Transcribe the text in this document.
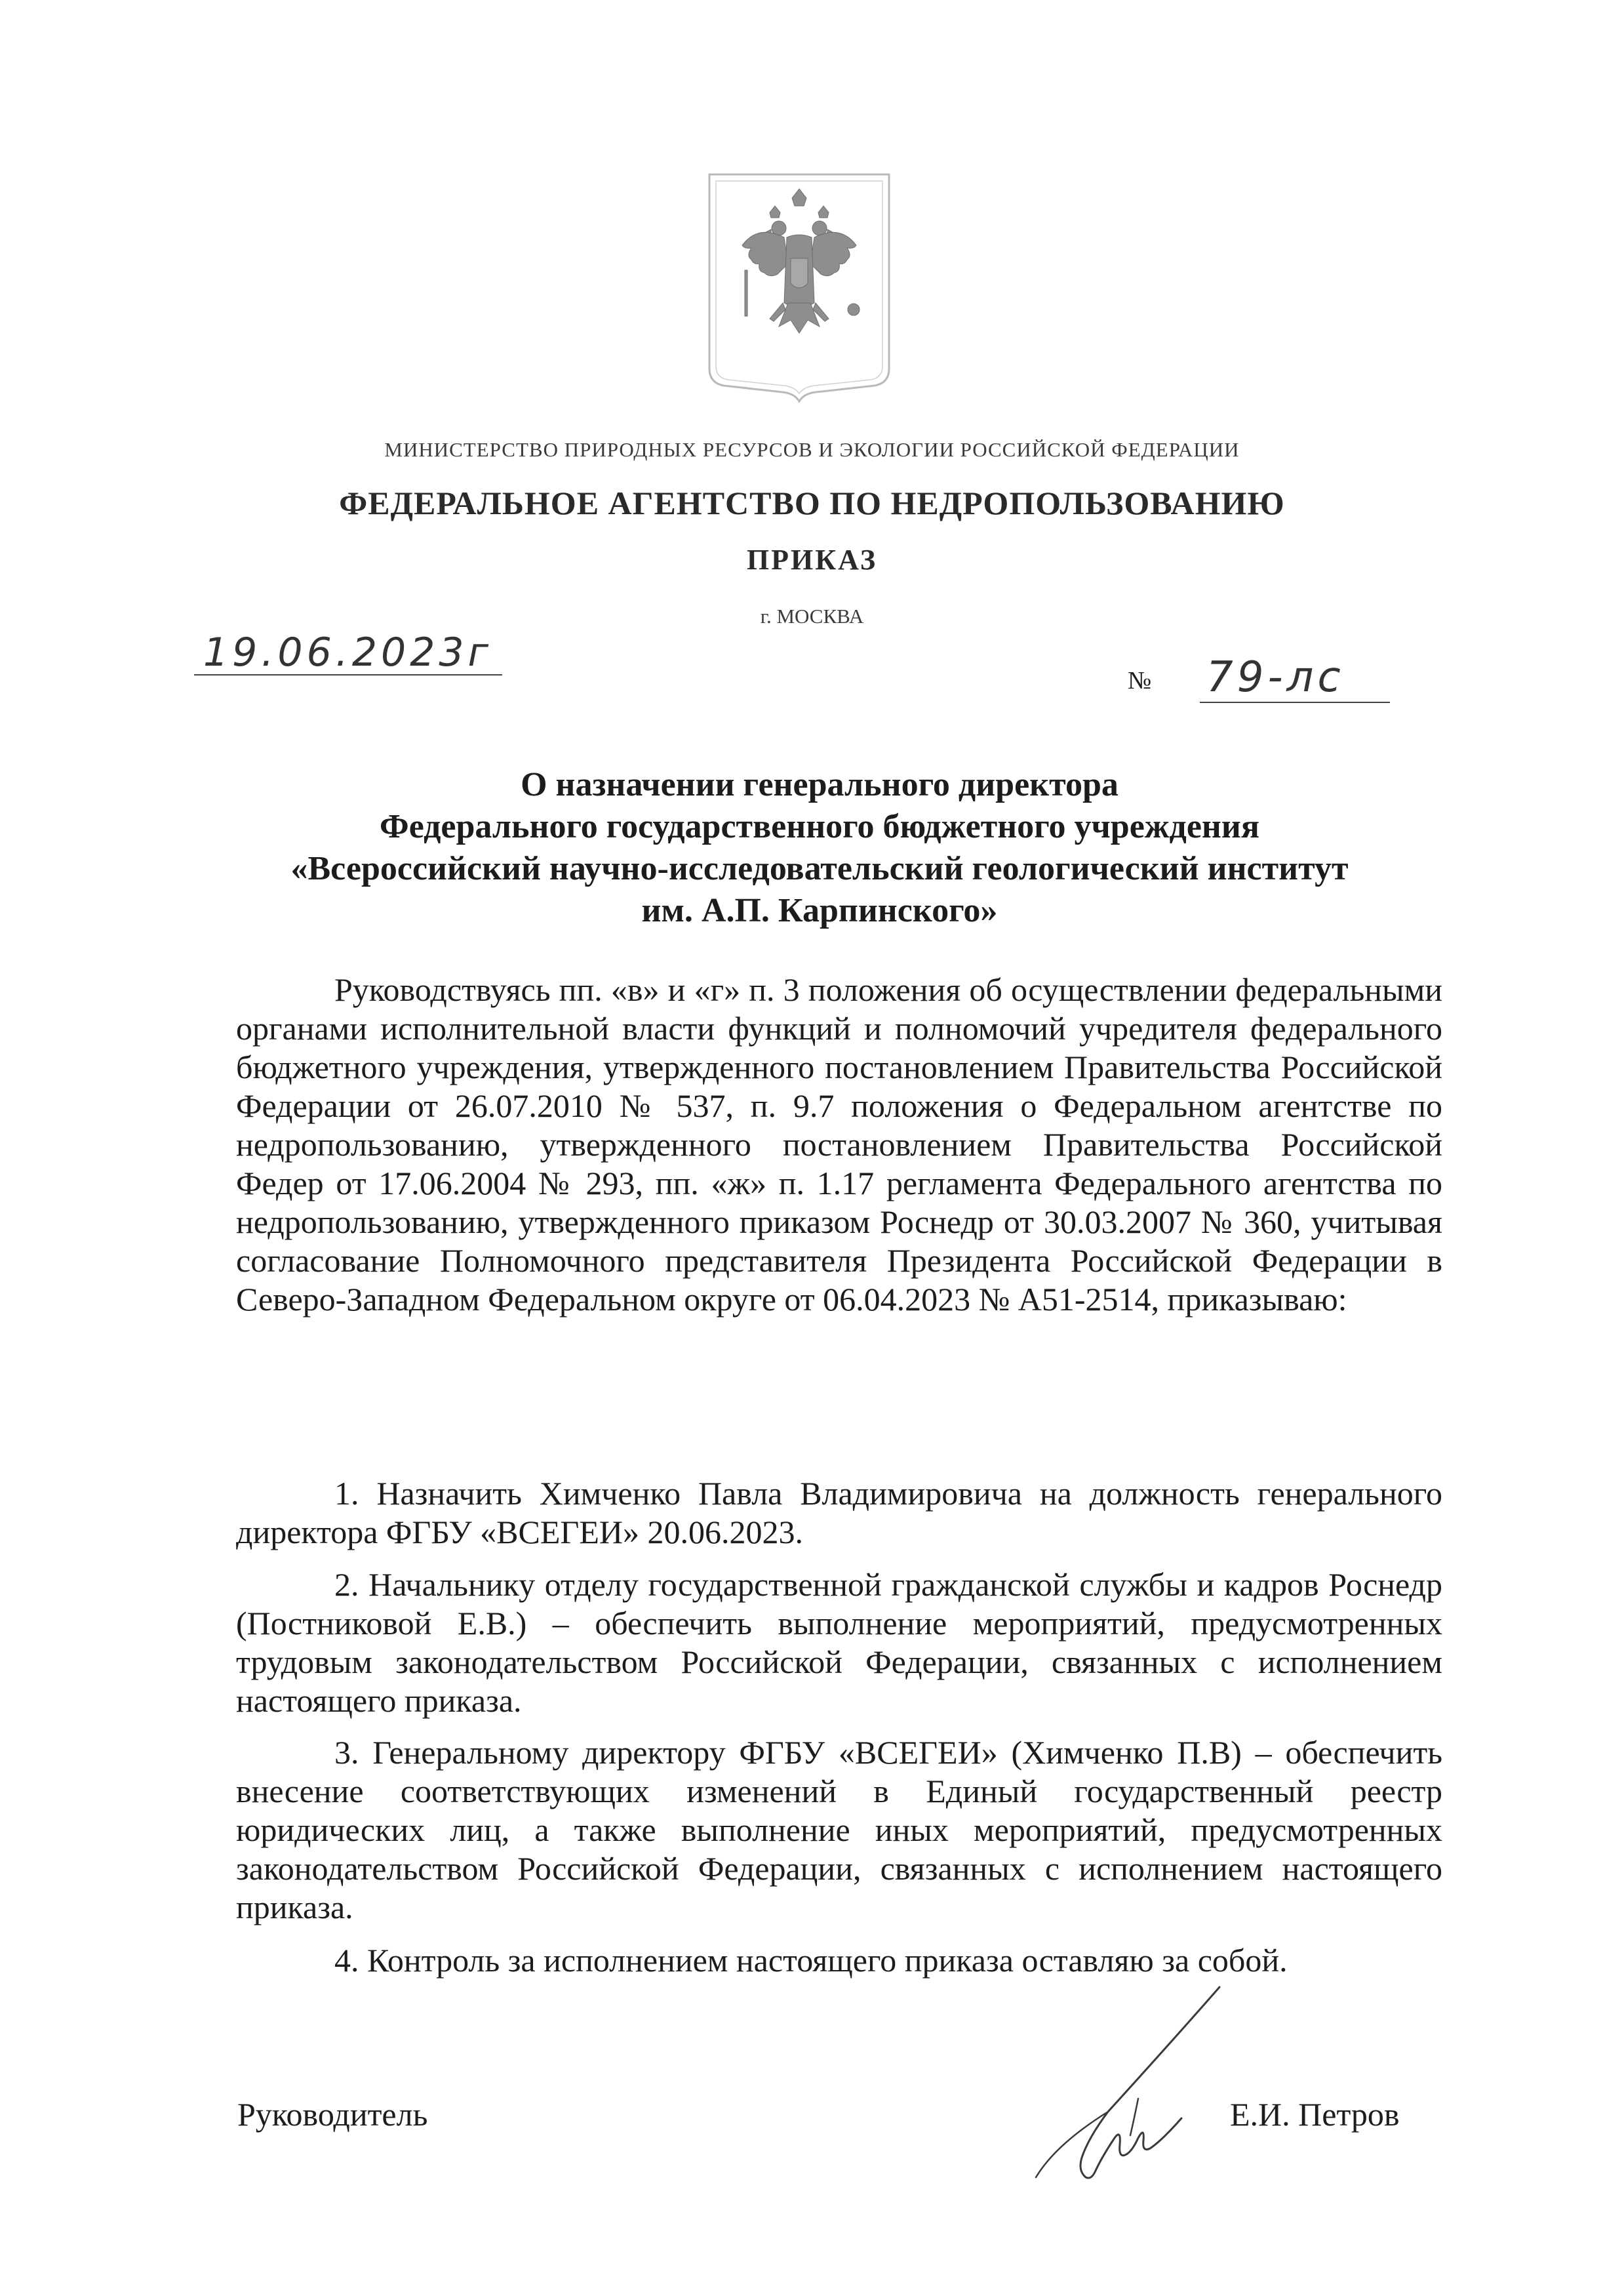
МИНИСТЕРСТВО ПРИРОДНЫХ РЕСУРСОВ И ЭКОЛОГИИ РОССИЙСКОЙ ФЕДЕРАЦИИ
ФЕДЕРАЛЬНОЕ АГЕНТСТВО ПО НЕДРОПОЛЬЗОВАНИЮ
ПРИКАЗ
г. МОСКВА
19.06.2023г
№ 79-лс
О назначении генерального директора
Федерального государственного бюджетного учреждения
«Всероссийский научно-исследовательский геологический институт
им. А.П. Карпинского»

Руководствуясь пп. «в» и «г» п. 3 положения об осуществлении федеральными органами исполнительной власти функций и полномочий учредителя федерального бюджетного учреждения, утвержденного постановлением Правительства Российской Федерации от 26.07.2010 № 537, п. 9.7 положения о Федеральном агентстве по недропользованию, утвержденного постановлением Правительства Российской Федер от 17.06.2004 № 293, пп. «ж» п. 1.17 регламента Федерального агентства по недропользованию, утвержденного приказом Роснедр от 30.03.2007 № 360, учитывая согласование Полномочного представителя Президента Российской Федерации в Северо-Западном Федеральном округе от 06.04.2023 № А51-2514, приказываю:

1. Назначить Химченко Павла Владимировича на должность генерального директора ФГБУ «ВСЕГЕИ» 20.06.2023.

2. Начальнику отделу государственной гражданской службы и кадров Роснедр (Постниковой Е.В.) – обеспечить выполнение мероприятий, предусмотренных трудовым законодательством Российской Федерации, связанных с исполнением настоящего приказа.

3. Генеральному директору ФГБУ «ВСЕГЕИ» (Химченко П.В) – обеспечить внесение соответствующих изменений в Единый государственный реестр юридических лиц, а также выполнение иных мероприятий, предусмотренных законодательством Российской Федерации, связанных с исполнением настоящего приказа.

4. Контроль за исполнением настоящего приказа оставляю за собой.

Руководитель	Е.И. Петров
